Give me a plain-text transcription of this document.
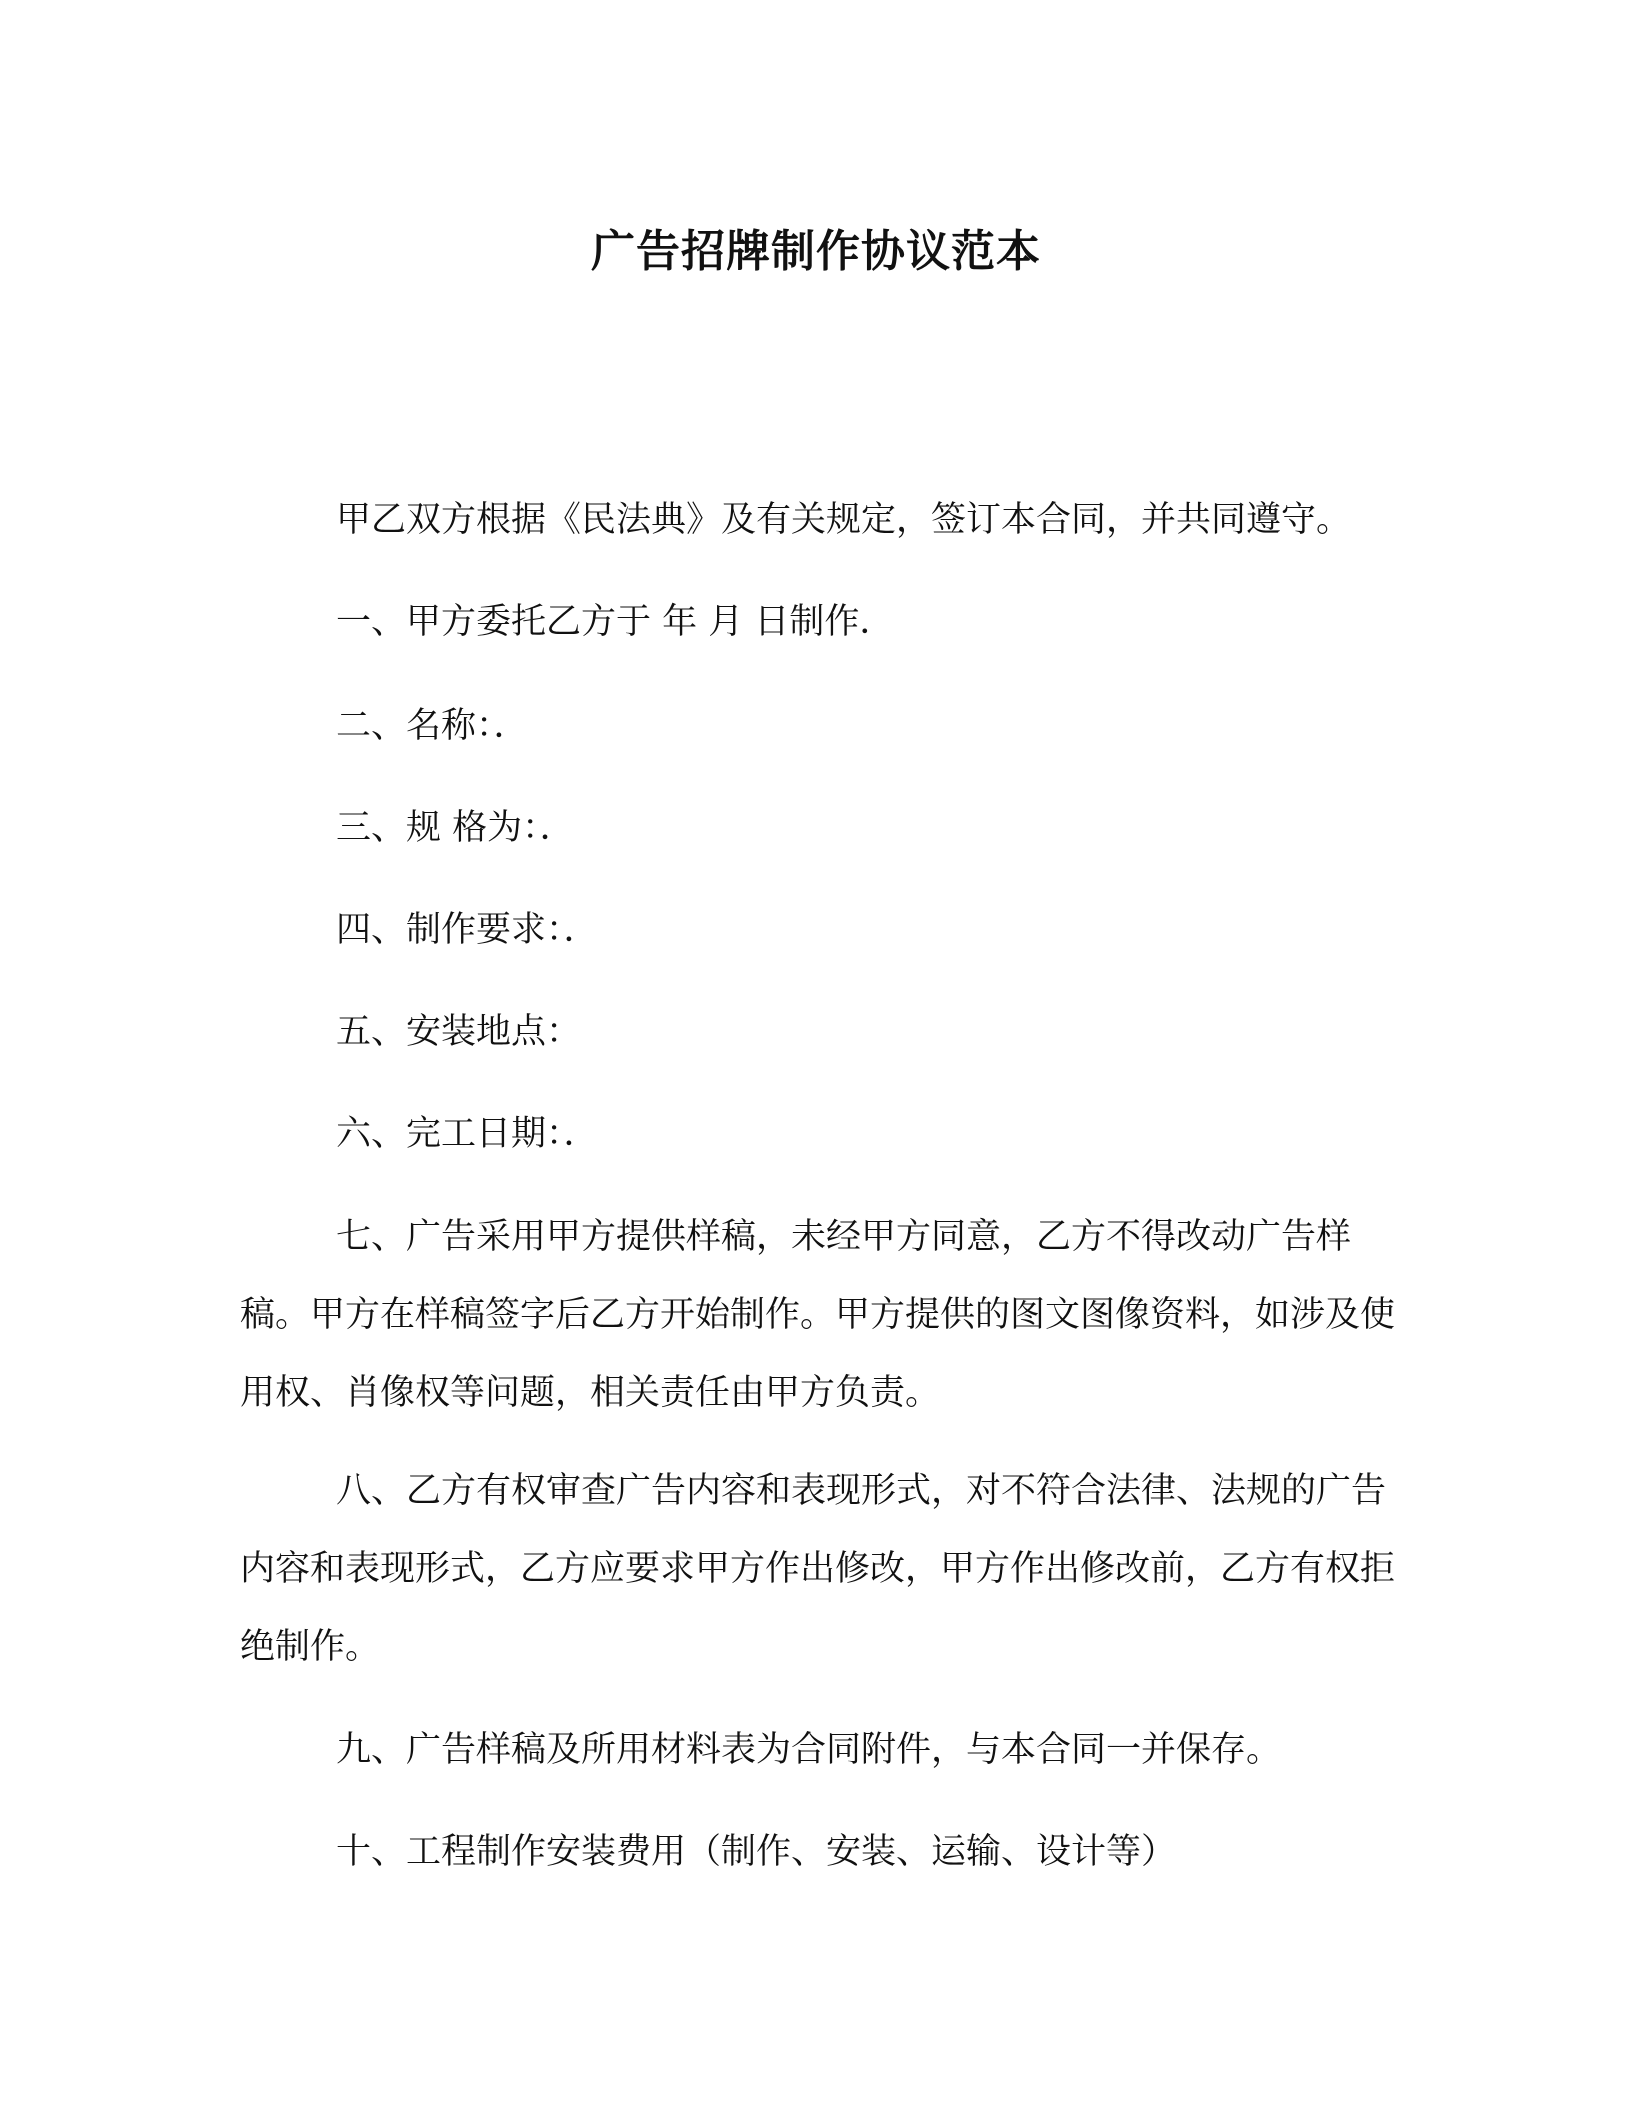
广告招牌制作协议范本

甲乙双方根据《民法典》及有关规定，签订本合同，并共同遵守。

一、甲方委托乙方于 年 月 日制作．

二、名称：．

三、规 格为：．

四、制作要求：．

五、安装地点：

六、完工日期：．

七、广告采用甲方提供样稿，未经甲方同意，乙方不得改动广告样稿。甲方在样稿签字后乙方开始制作。甲方提供的图文图像资料，如涉及使用权、肖像权等问题，相关责任由甲方负责。

八、乙方有权审查广告内容和表现形式，对不符合法律、法规的广告内容和表现形式，乙方应要求甲方作出修改，甲方作出修改前，乙方有权拒绝制作。

九、广告样稿及所用材料表为合同附件，与本合同一并保存。

十、工程制作安装费用（制作、安装、运输、设计等）
